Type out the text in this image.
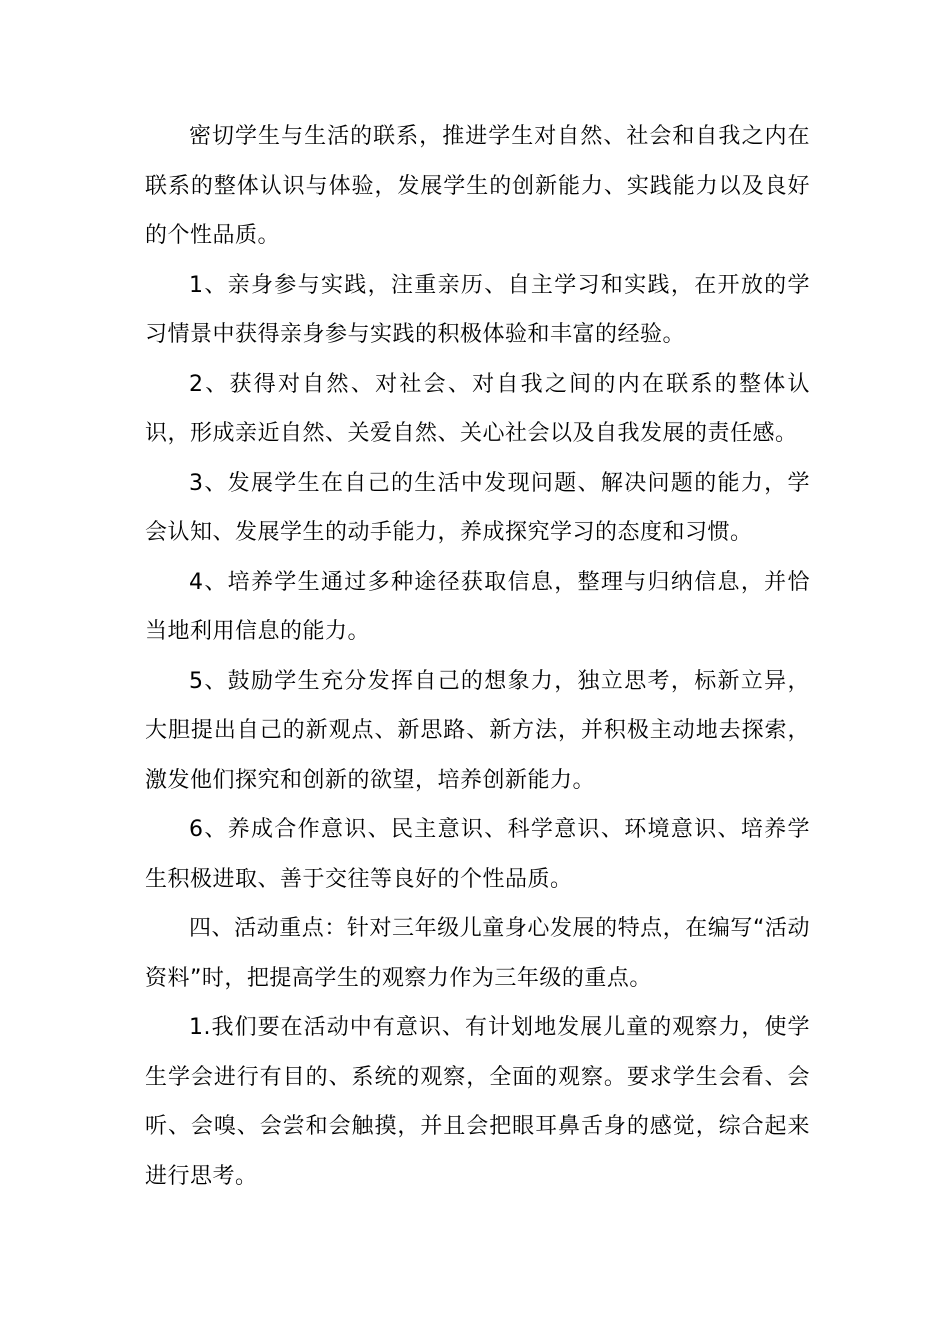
密切学生与生活的联系，推进学生对自然、社会和自我之内在联系的整体认识与体验，发展学生的创新能力、实践能力以及良好的个性品质。

1、亲身参与实践，注重亲历、自主学习和实践，在开放的学习情景中获得亲身参与实践的积极体验和丰富的经验。

2、获得对自然、对社会、对自我之间的内在联系的整体认识，形成亲近自然、关爱自然、关心社会以及自我发展的责任感。

3、发展学生在自己的生活中发现问题、解决问题的能力，学会认知、发展学生的动手能力，养成探究学习的态度和习惯。

4、培养学生通过多种途径获取信息，整理与归纳信息，并恰当地利用信息的能力。

5、鼓励学生充分发挥自己的想象力，独立思考，标新立异，大胆提出自己的新观点、新思路、新方法，并积极主动地去探索，激发他们探究和创新的欲望，培养创新能力。

6、养成合作意识、民主意识、科学意识、环境意识、培养学生积极进取、善于交往等良好的个性品质。

四、活动重点：针对三年级儿童身心发展的特点，在编写“活动资料”时，把提高学生的观察力作为三年级的重点。

1.我们要在活动中有意识、有计划地发展儿童的观察力，使学生学会进行有目的、系统的观察，全面的观察。要求学生会看、会听、会嗅、会尝和会触摸，并且会把眼耳鼻舌身的感觉，综合起来进行思考。
